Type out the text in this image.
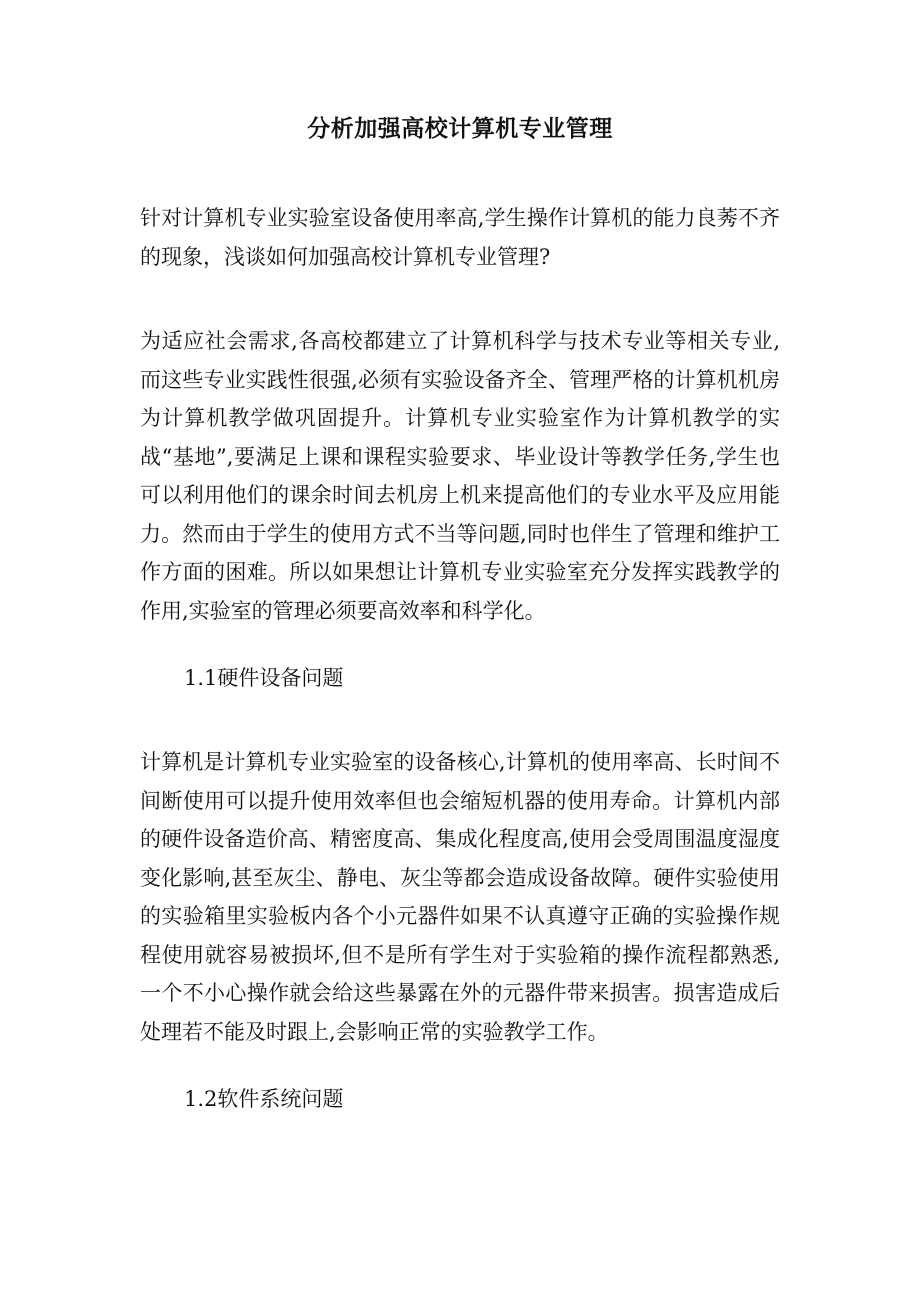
分析加强高校计算机专业管理

针对计算机专业实验室设备使用率高,学生操作计算机的能力良莠不齐的现象，浅谈如何加强高校计算机专业管理?

为适应社会需求,各高校都建立了计算机科学与技术专业等相关专业,而这些专业实践性很强,必须有实验设备齐全、管理严格的计算机机房为计算机教学做巩固提升。计算机专业实验室作为计算机教学的实战“基地”,要满足上课和课程实验要求、毕业设计等教学任务,学生也可以利用他们的课余时间去机房上机来提高他们的专业水平及应用能力。然而由于学生的使用方式不当等问题,同时也伴生了管理和维护工作方面的困难。所以如果想让计算机专业实验室充分发挥实践教学的作用,实验室的管理必须要高效率和科学化。

1.1硬件设备问题

计算机是计算机专业实验室的设备核心,计算机的使用率高、长时间不间断使用可以提升使用效率但也会缩短机器的使用寿命。计算机内部的硬件设备造价高、精密度高、集成化程度高,使用会受周围温度湿度变化影响,甚至灰尘、静电、灰尘等都会造成设备故障。硬件实验使用的实验箱里实验板内各个小元器件如果不认真遵守正确的实验操作规程使用就容易被损坏,但不是所有学生对于实验箱的操作流程都熟悉,一个不小心操作就会给这些暴露在外的元器件带来损害。损害造成后处理若不能及时跟上,会影响正常的实验教学工作。

1.2软件系统问题
